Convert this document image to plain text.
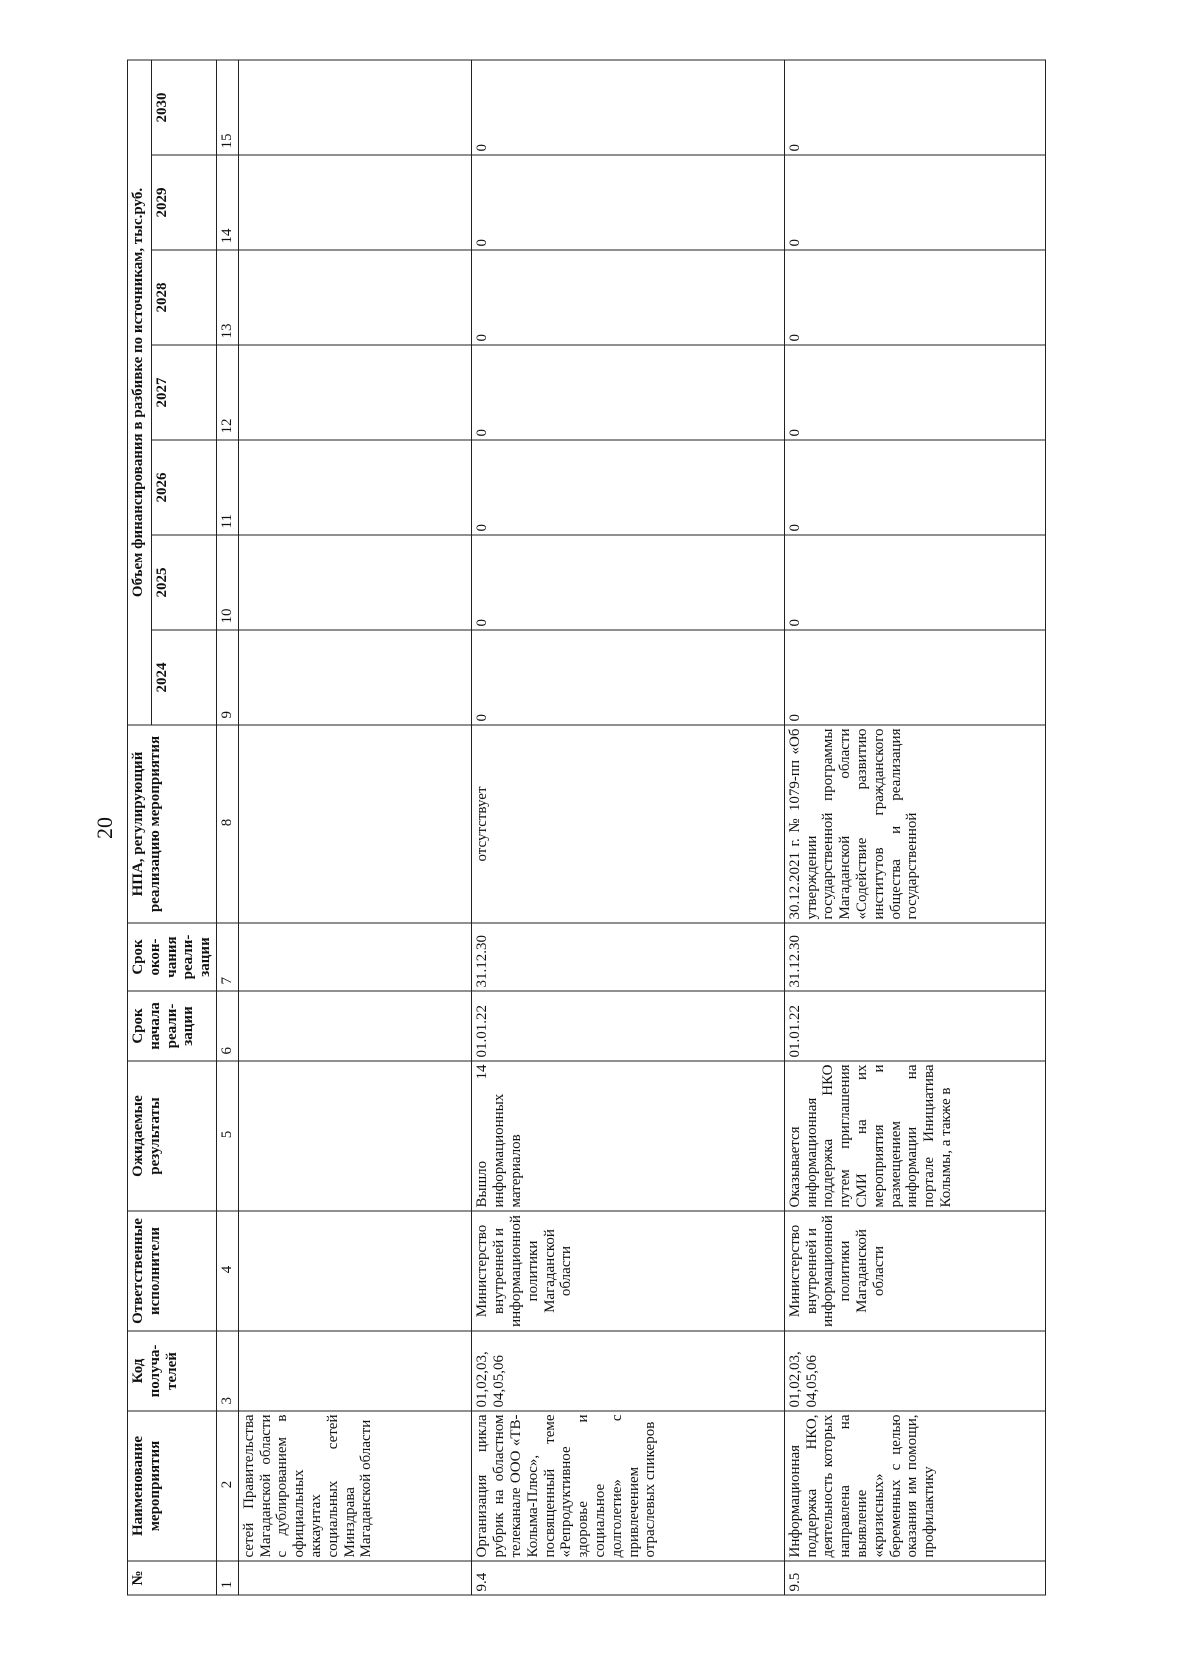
20
№	Наименование мероприятия	Код получа-телей	Ответственные исполнители	Ожидаемые результаты	Срок начала реали-зации	Срок окон-чания реали-зации	НПА, регулирующий реализацию мероприятия	Объем финансирования в разбивке по источникам, тыс.руб.						
								2024	2025	2026	2027	2028	2029	2030
1	2	3	4	5	6	7	8	9	10	11	12	13	14	15
	сетей Правительства Магаданской области с дублированием в официальных аккаунтах социальных сетей Минздрава Магаданской области													
9.4	Организация цикла рубрик на областном телеканале ООО «ТВ- Колыма-Плюс», посвященный теме «Репродуктивное здоровье и социальное долголетие» с привлечением отраслевых спикеров	01,02,03, 04,05,06	Министерство внутренней и информационной политики Магаданской области	Вышло 14 информационных материалов	01.01.22	31.12.30	отсутствует	0	0	0	0	0	0	0
9.5	Информационная поддержка НКО, деятельность которых направлена на выявление «кризисных» беременных с целью оказания им помощи, профилактику	01,02,03, 04,05,06	Министерство внутренней и информационной политики Магаданской области	Оказывается информационная поддержка НКО путем приглашения СМИ на их мероприятия и размещением информации на портале Инициатива Колымы, а также в	01.01.22	31.12.30	30.12.2021 г. № 1079-пп «Об утверждении государственной программы Магаданской области «Содействие развитию институтов гражданского общества и реализация государственной	0	0	0	0	0	0	0
